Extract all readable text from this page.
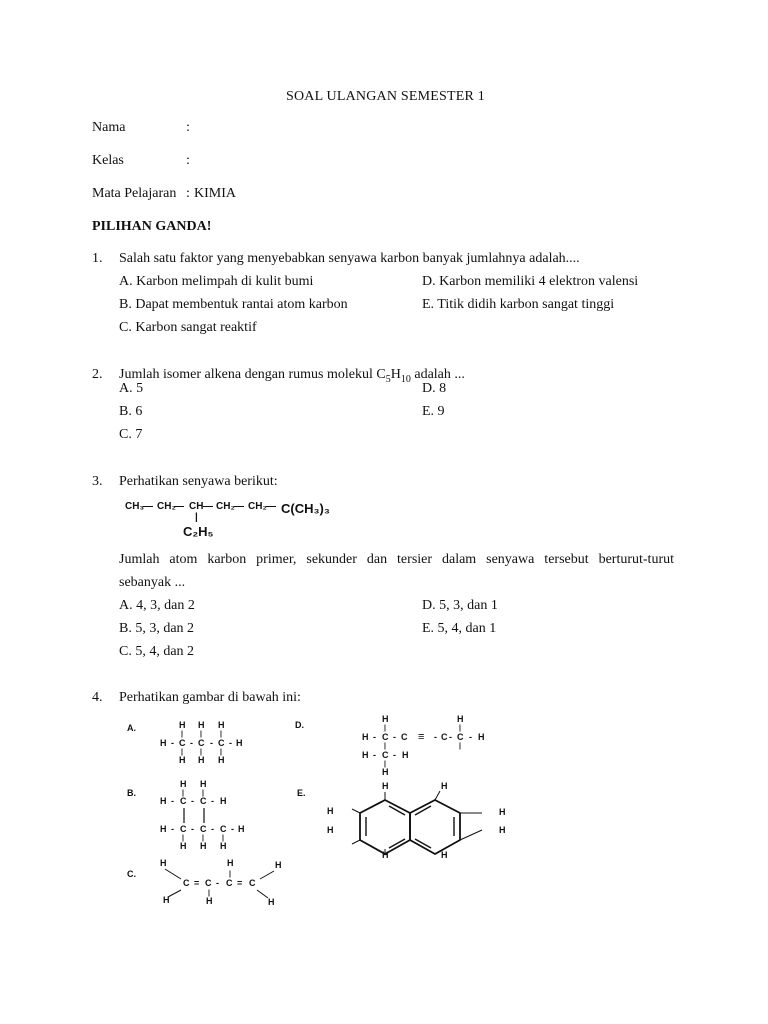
SOAL ULANGAN SEMESTER 1
Nama	:
Kelas	:
Mata Pelajaran : KIMIA
PILIHAN GANDA!
1. Salah satu faktor yang menyebabkan senyawa karbon banyak jumlahnya adalah....
A. Karbon melimpah di kulit bumi
B. Dapat membentuk rantai atom karbon
C. Karbon sangat reaktif
D. Karbon memiliki 4 elektron valensi
E. Titik didih karbon sangat tinggi
2. Jumlah isomer alkena dengan rumus molekul $C_5H_{10}$ adalah ...
A. 5
B. 6
C. 7
D. 8
E. 9
3. Perhatikan senyawa berikut:
CH₃
— CH₂
— CH — CH₂ — CH₂ — C(CH₃)₃
|
C₂H₅
Jumlah atom karbon primer, sekunder dan tersier dalam senyawa tersebut berturut-turut
sebanyak ...
A. 4, 3, dan 2
B. 5, 3, dan 2
C. 5, 4, dan 2
D. 5, 3, dan 1
E. 5, 4, dan 1
4. Perhatikan gambar di bawah ini:
A.
B.
C.
D.
E.
H H H
| |	|
H - C - C - C - H
| |	|
H H H
H H
|	|
H - C - C - H
H - C - C - C - H
|	|	|
H H H
H	H	H
|
C = C - C = C
|
H	H	H
H	H
|	|
H - C - C ≡ - C - C - H
|	|
H - C - H
|
H
H	H
H
H
H
H
H	H
